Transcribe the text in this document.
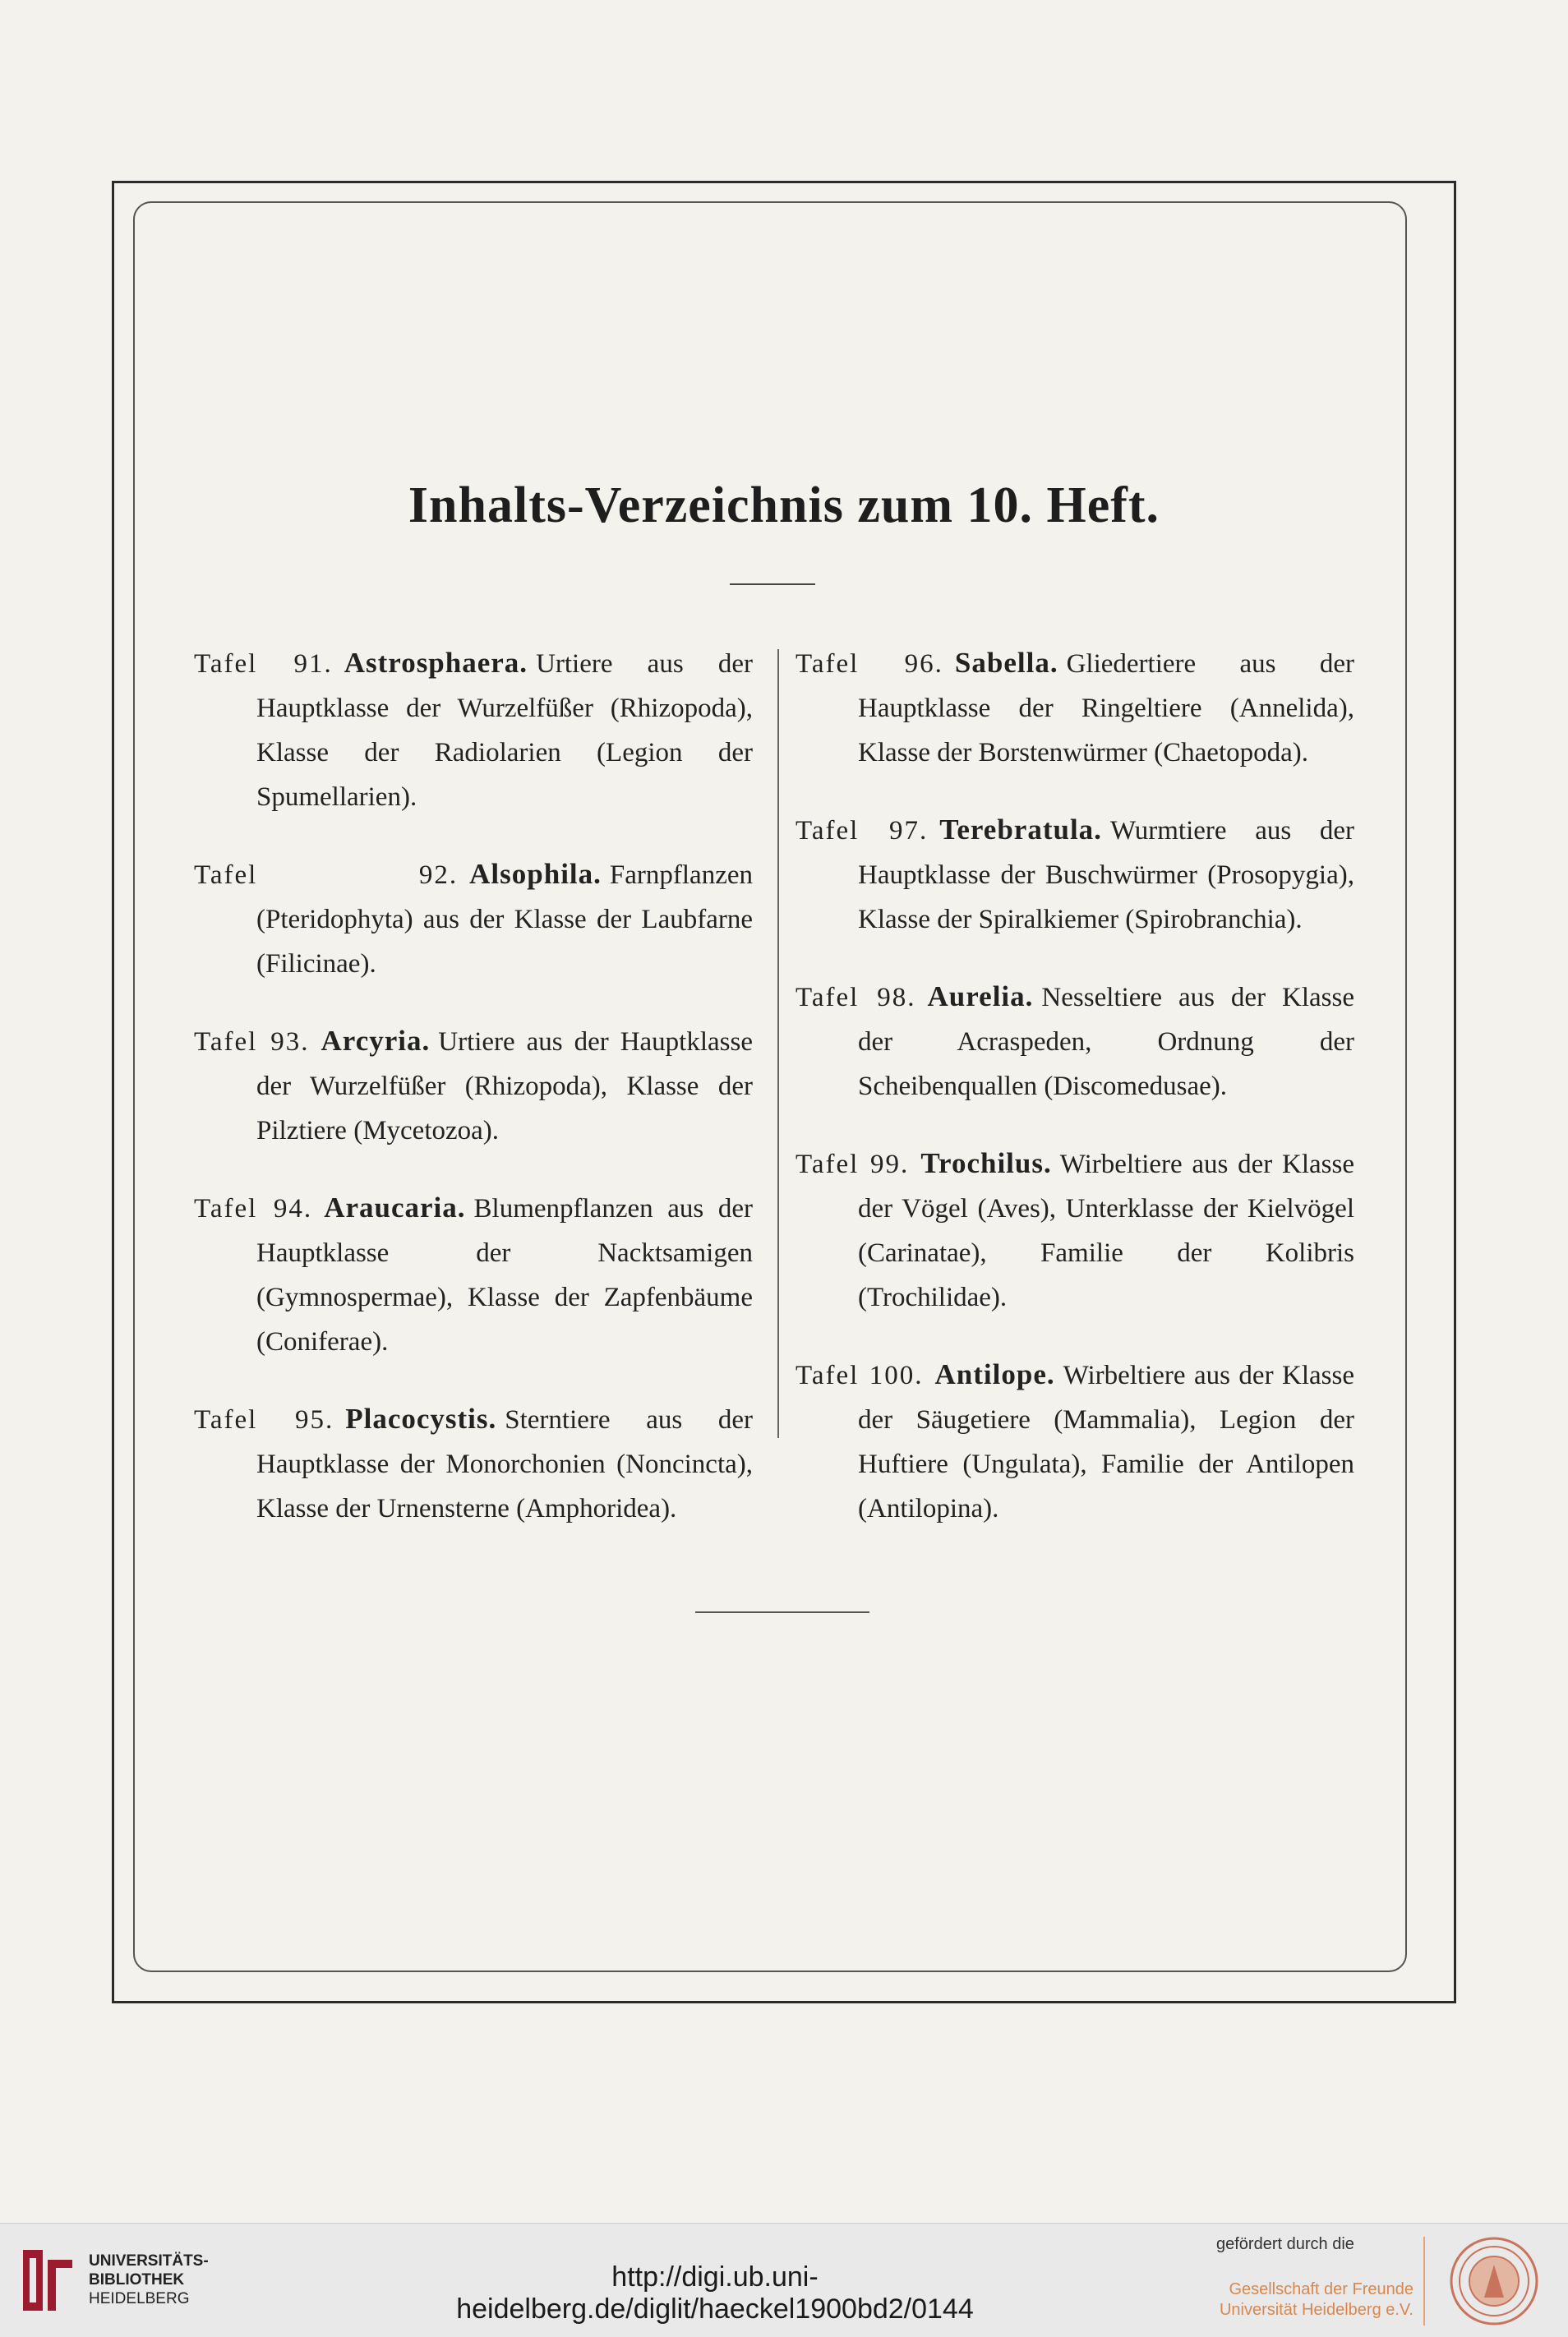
Inhalts-Verzeichnis zum 10. Heft.

Tafel 91. Astrosphaera. Urtiere aus der Hauptklasse der Wurzelfüßer (Rhizopoda), Klasse der Radiolarien (Legion der Spumellarien).

Tafel 92. Alsophila. Farnpflanzen (Pteridophyta) aus der Klasse der Laubfarne (Filicinae).

Tafel 93. Arcyria. Urtiere aus der Hauptklasse der Wurzelfüßer (Rhizopoda), Klasse der Pilztiere (Mycetozoa).

Tafel 94. Araucaria. Blumenpflanzen aus der Hauptklasse der Nacktsamigen (Gymnospermae), Klasse der Zapfenbäume (Coniferae).

Tafel 95. Placocystis. Sterntiere aus der Hauptklasse der Monorchonien (Noncincta), Klasse der Urnensterne (Amphoridea).

Tafel 96. Sabella. Gliedertiere aus der Hauptklasse der Ringeltiere (Annelida), Klasse der Borstenwürmer (Chaetopoda).

Tafel 97. Terebratula. Wurmtiere aus der Hauptklasse der Buschwürmer (Prosopygia), Klasse der Spiralkiemer (Spirobranchia).

Tafel 98. Aurelia. Nesseltiere aus der Klasse der Acraspeden, Ordnung der Scheibenquallen (Discomedusae).

Tafel 99. Trochilus. Wirbeltiere aus der Klasse der Vögel (Aves), Unterklasse der Kielvögel (Carinatae), Familie der Kolibris (Trochilidae).

Tafel 100. Antilope. Wirbeltiere aus der Klasse der Säugetiere (Mammalia), Legion der Huftiere (Ungulata), Familie der Antilopen (Antilopina).

UNIVERSITÄTS-
BIBLIOTHEK
HEIDELBERG
http://digi.ub.uni-heidelberg.de/diglit/haeckel1900bd2/0144
gefördert durch die
Gesellschaft der Freunde
Universität Heidelberg e.V.
